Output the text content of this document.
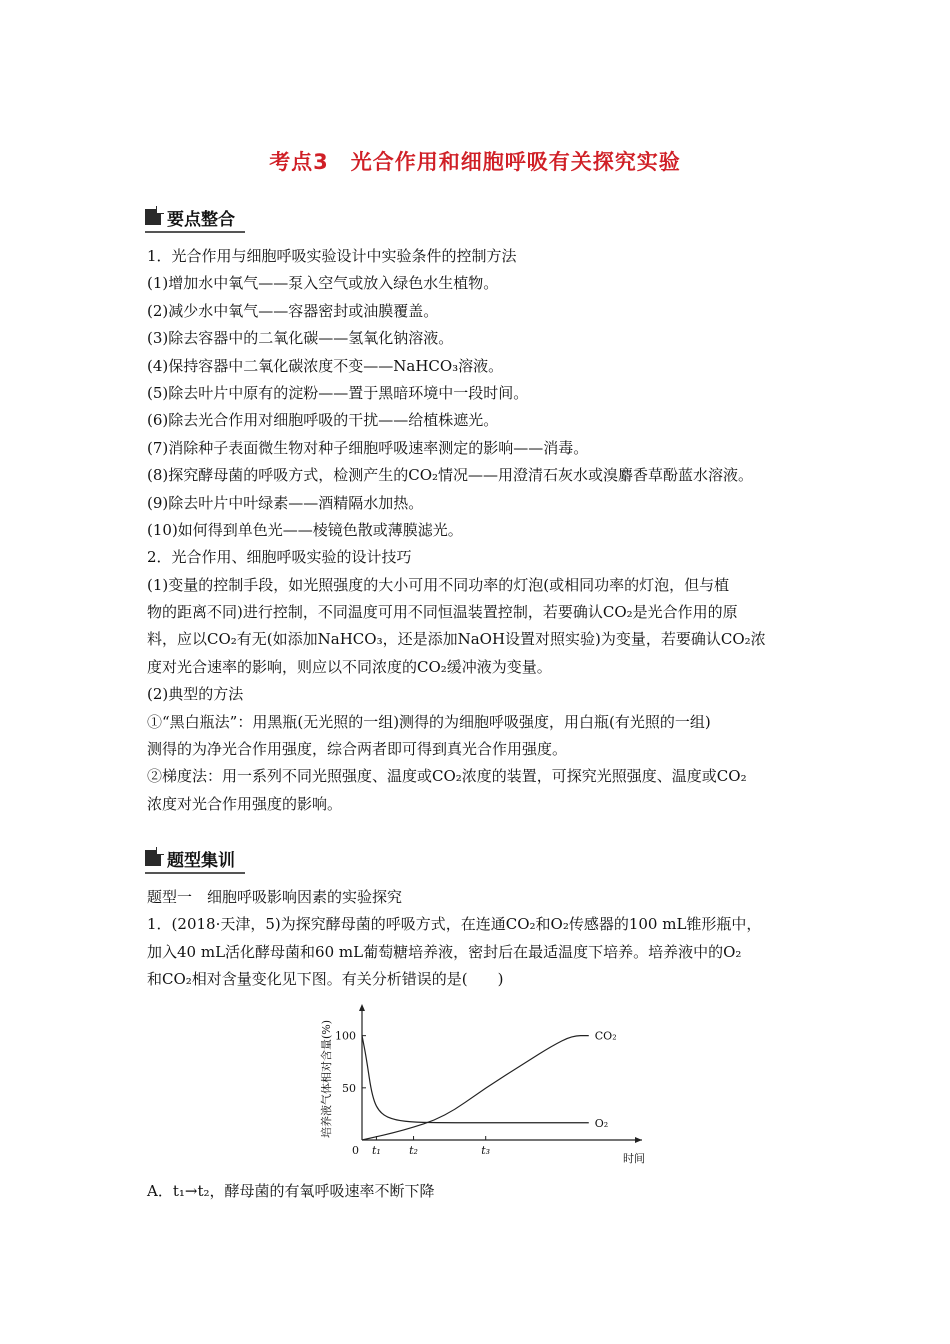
考点3　光合作用和细胞呼吸有关探究实验
要点整合
1．光合作用与细胞呼吸实验设计中实验条件的控制方法
(1)增加水中氧气——泵入空气或放入绿色水生植物。
(2)减少水中氧气——容器密封或油膜覆盖。
(3)除去容器中的二氧化碳——氢氧化钠溶液。
(4)保持容器中二氧化碳浓度不变——NaHCO₃溶液。
(5)除去叶片中原有的淀粉——置于黑暗环境中一段时间。
(6)除去光合作用对细胞呼吸的干扰——给植株遮光。
(7)消除种子表面微生物对种子细胞呼吸速率测定的影响——消毒。
(8)探究酵母菌的呼吸方式，检测产生的CO₂情况——用澄清石灰水或溴麝香草酚蓝水溶液。
(9)除去叶片中叶绿素——酒精隔水加热。
(10)如何得到单色光——棱镜色散或薄膜滤光。
2．光合作用、细胞呼吸实验的设计技巧
(1)变量的控制手段，如光照强度的大小可用不同功率的灯泡(或相同功率的灯泡，但与植
物的距离不同)进行控制，不同温度可用不同恒温装置控制，若要确认CO₂是光合作用的原
料，应以CO₂有无(如添加NaHCO₃，还是添加NaOH设置对照实验)为变量，若要确认CO₂浓
度对光合速率的影响，则应以不同浓度的CO₂缓冲液为变量。
(2)典型的方法
①“黑白瓶法”：用黑瓶(无光照的一组)测得的为细胞呼吸强度，用白瓶(有光照的一组)
测得的为净光合作用强度，综合两者即可得到真光合作用强度。
②梯度法：用一系列不同光照强度、温度或CO₂浓度的装置，可探究光照强度、温度或CO₂
浓度对光合作用强度的影响。
题型集训
题型一　细胞呼吸影响因素的实验探究
1．(2018·天津，5)为探究酵母菌的呼吸方式，在连通CO₂和O₂传感器的100 mL锥形瓶中，
加入40 mL活化酵母菌和60 mL葡萄糖培养液，密封后在最适温度下培养。培养液中的O₂
和CO₂相对含量变化见下图。有关分析错误的是(　　)
100
50
培养液气体相对含量(%)
0 t₁	t₂	t₃
时间
CO₂
O₂
A．t₁→t₂，酵母菌的有氧呼吸速率不断下降
